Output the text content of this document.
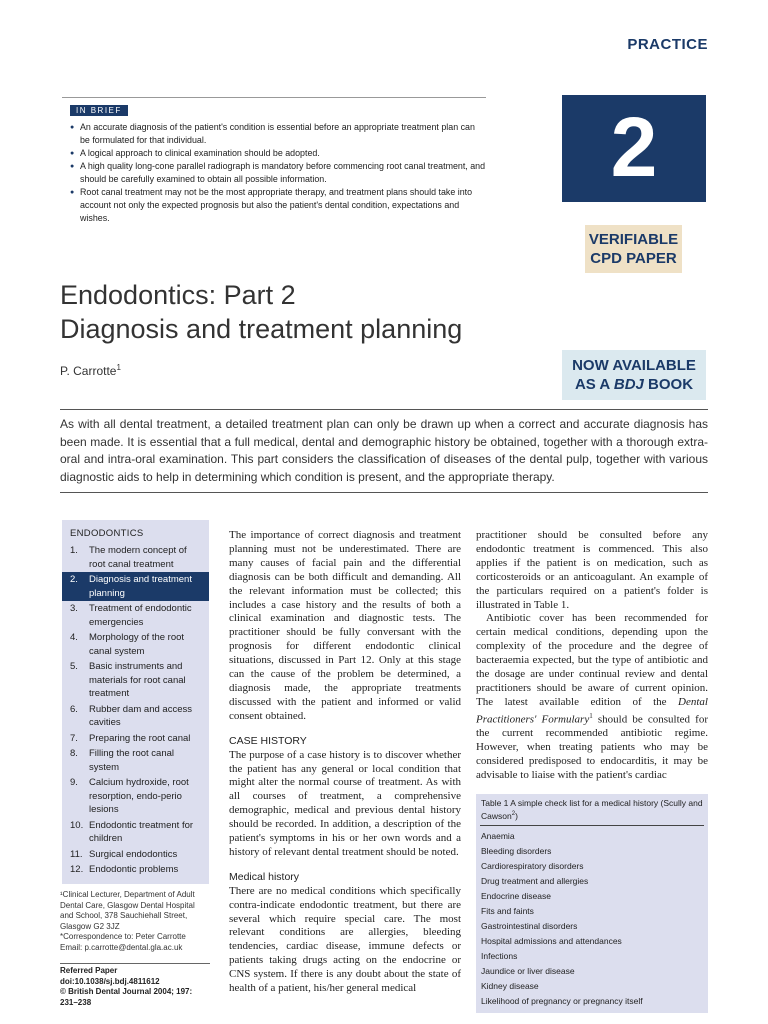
PRACTICE
IN BRIEF
● An accurate diagnosis of the patient's condition is essential before an appropriate treatment plan can be formulated for that individual.
● A logical approach to clinical examination should be adopted.
● A high quality long-cone parallel radiograph is mandatory before commencing root canal treatment, and should be carefully examined to obtain all possible information.
● Root canal treatment may not be the most appropriate therapy, and treatment plans should take into account not only the expected prognosis but also the patient's dental condition, expectations and wishes.
2
VERIFIABLE
CPD PAPER
Endodontics: Part 2
Diagnosis and treatment planning
P. Carrotte$^1$	NOW AVAILABLE
AS A BDJ BOOK
As with all dental treatment, a detailed treatment plan can only be drawn up when a correct and accurate diagnosis has been made. It is essential that a full medical, dental and demographic history be obtained, together with a thorough extra-oral and intra-oral examination. This part considers the classification of diseases of the dental pulp, together with various diagnostic aids to help in determining which condition is present, and the appropriate therapy.
ENDODONTICS
1. The modern concept of root canal treatment
2. Diagnosis and treatment planning
3. Treatment of endodontic emergencies
4. Morphology of the root canal system
5. Basic instruments and materials for root canal treatment
6. Rubber dam and access cavities
7. Preparing the root canal
8. Filling the root canal system
9. Calcium hydroxide, root resorption, endo-perio lesions
10. Endodontic treatment for children
11. Surgical endodontics
12. Endodontic problems
¹Clinical Lecturer, Department of Adult Dental Care, Glasgow Dental Hospital and School, 378 Sauchiehall Street, Glasgow G2 3JZ
*Correspondence to: Peter Carrotte
Email: p.carrotte@dental.gla.ac.uk
Referred Paper
doi:10.1038/sj.bdj.4811612
© British Dental Journal 2004; 197: 231–238

The importance of correct diagnosis and treatment planning must not be underestimated. There are many causes of facial pain and the differential diagnosis can be both difficult and demanding. All the relevant information must be collected; this includes a case history and the results of both a clinical examination and diagnostic tests. The practitioner should be fully conversant with the prognosis for different endodontic clinical situations, discussed in Part 12. Only at this stage can the cause of the problem be determined, a diagnosis made, the appropriate treatments discussed with the patient and informed or valid consent obtained.

CASE HISTORY

The purpose of a case history is to discover whether the patient has any general or local condition that might alter the normal course of treatment. As with all courses of treatment, a comprehensive demographic, medical and previous dental history should be recorded. In addition, a description of the patient's symptoms in his or her own words and a history of relevant dental treatment should be noted.

Medical history

There are no medical conditions which specifically contra-indicate endodontic treatment, but there are several which require special care. The most relevant conditions are allergies, bleeding tendencies, cardiac disease, immune defects or patients taking drugs acting on the endocrine or CNS system. If there is any doubt about the state of health of a patient, his/her general medical

practitioner should be consulted before any endodontic treatment is commenced. This also applies if the patient is on medication, such as corticosteroids or an anticoagulant. An example of the particulars required on a patient's folder is illustrated in Table 1.

Antibiotic cover has been recommended for certain medical conditions, depending upon the complexity of the procedure and the degree of bacteraemia expected, but the type of antibiotic and the dosage are under continual review and dental practitioners should be aware of current opinion. The latest available edition of the Dental Practitioners' Formulary$^1$ should be consulted for the current recommended antibiotic regime. However, when treating patients who may be considered predisposed to endocarditis, it may be advisable to liaise with the patient's cardiac

Table 1 A simple check list for a medical history (Scully and Cawson$^2$)
Anaemia
Bleeding disorders
Cardiorespiratory disorders
Drug treatment and allergies
Endocrine disease
Fits and faints
Gastrointestinal disorders
Hospital admissions and attendances
Infections
Jaundice or liver disease
Kidney disease
Likelihood of pregnancy or pregnancy itself
